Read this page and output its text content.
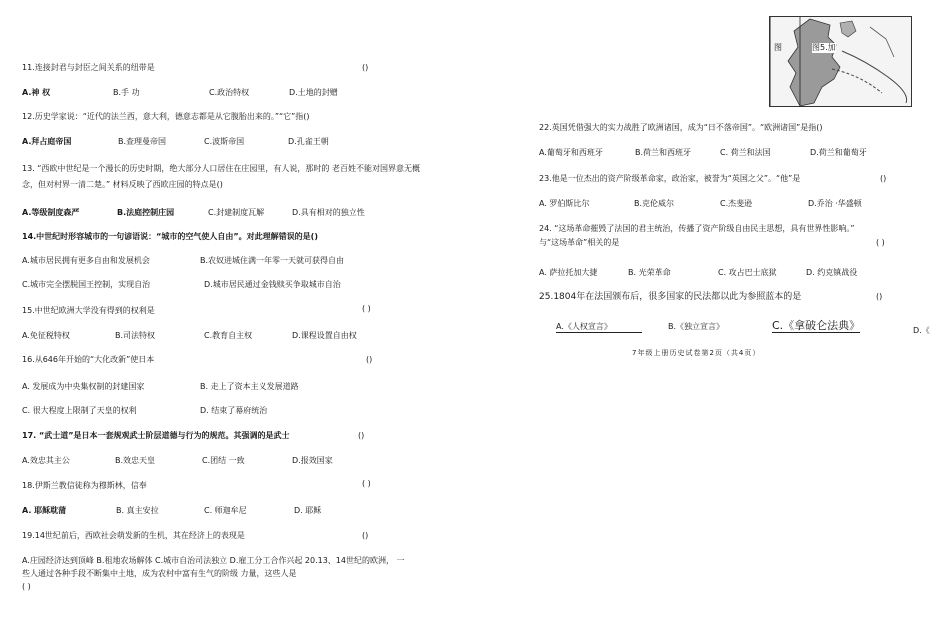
图	图5.加
11.连接封君与封臣之间关系的纽带是	()
A.神 权	B.手 功	C.政治特权	D.土地的封赠
12.历史学家说：“近代的法兰西，意大利，德意志都是从它腹胎出来的。”“它”指()
A.拜占庭帝国	B.查理曼帝国	C.波斯帝国	D.孔雀王朝
13. “西欧中世纪是一个漫长的历史时期，绝大部分人口居住在庄园里，有人说，那时的 老百姓不能对国界意无概
念，但对村界一清二楚。” 材料反映了西欧庄园的特点是()
A.等级制度森严	B.法庭控制庄园	C.封建制度瓦解	D.具有相对的独立性
14.中世纪时形容城市的一句谚语说：“城市的空气使人自由”。对此理解错误的是()
A.城市居民拥有更多自由和发展机会	B.农奴进城住满一年零一天就可获得自由
C.城市完全摆脱国王控制，实现自治	D.城市居民通过金钱赎买争取城市自治
15.中世纪欧洲大学没有得到的权利是	( )
A.免征税特权	B.司法特权	C.教育自主权	D.课程设置自由权
16.从646年开始的“大化改新”使日本	()
A. 发展成为中央集权制的封建国家	B. 走上了资本主义发展道路
C. 很大程度上限制了天皇的权利	D. 结束了幕府统治
17. “武士道”是日本一套规观武士阶层道德与行为的规范。其强调的是武士	()
A.效忠其主公	B.效忠天皇	C.团结 一致	D.报效国家
18.伊斯兰教信徒称为穆斯林，信奉	( )
A. 耶稣耽蒲	B. 真主安拉	C. 师迦牟尼	D. 耶稣
19.14世纪前后，西欧社会萌发新的生机，其在经济上的表现是	()
A.庄园经济达到顶峰 B.租地农场解体 C.城市自治司法独立 D.雇工分工合作兴起 20.13、14世纪的欧洲， 一
些人通过各种手段不断集中土地，成为农村中富有生气的阶级 力量，这些人是
( )
22.英国凭借强大的实力战胜了欧洲诸国，成为“日不落帝国”。“欧洲诸国”是指()
A.葡萄牙和西班牙	B.荷兰和西班牙	C. 荷兰和法国	D.荷兰和葡萄牙
23.他是一位杰出的资产阶级革命家，政治家，被誉为“英国之父”。“他”是	()
A. 罗伯斯比尔	B.克伦威尔	C.杰斐逊	D.乔治 ·华盛顿
24. “这场革命摧毁了法国的君主统治，传播了资产阶级自由民主思想，具有世界性影响。”
与“这场革命”相关的是	( )
A. 萨拉托加大捷	B. 光荣革命	C. 攻占巴士底狱	D. 约克镇战役
25.1804年在法国颁布后，很多国家的民法都以此为参照蓝本的是	()
A.《人权宣言》	B.《独立宣言》	C.《拿破仑法典》	D.《
7年级上册历史试卷第2页（共4页）
